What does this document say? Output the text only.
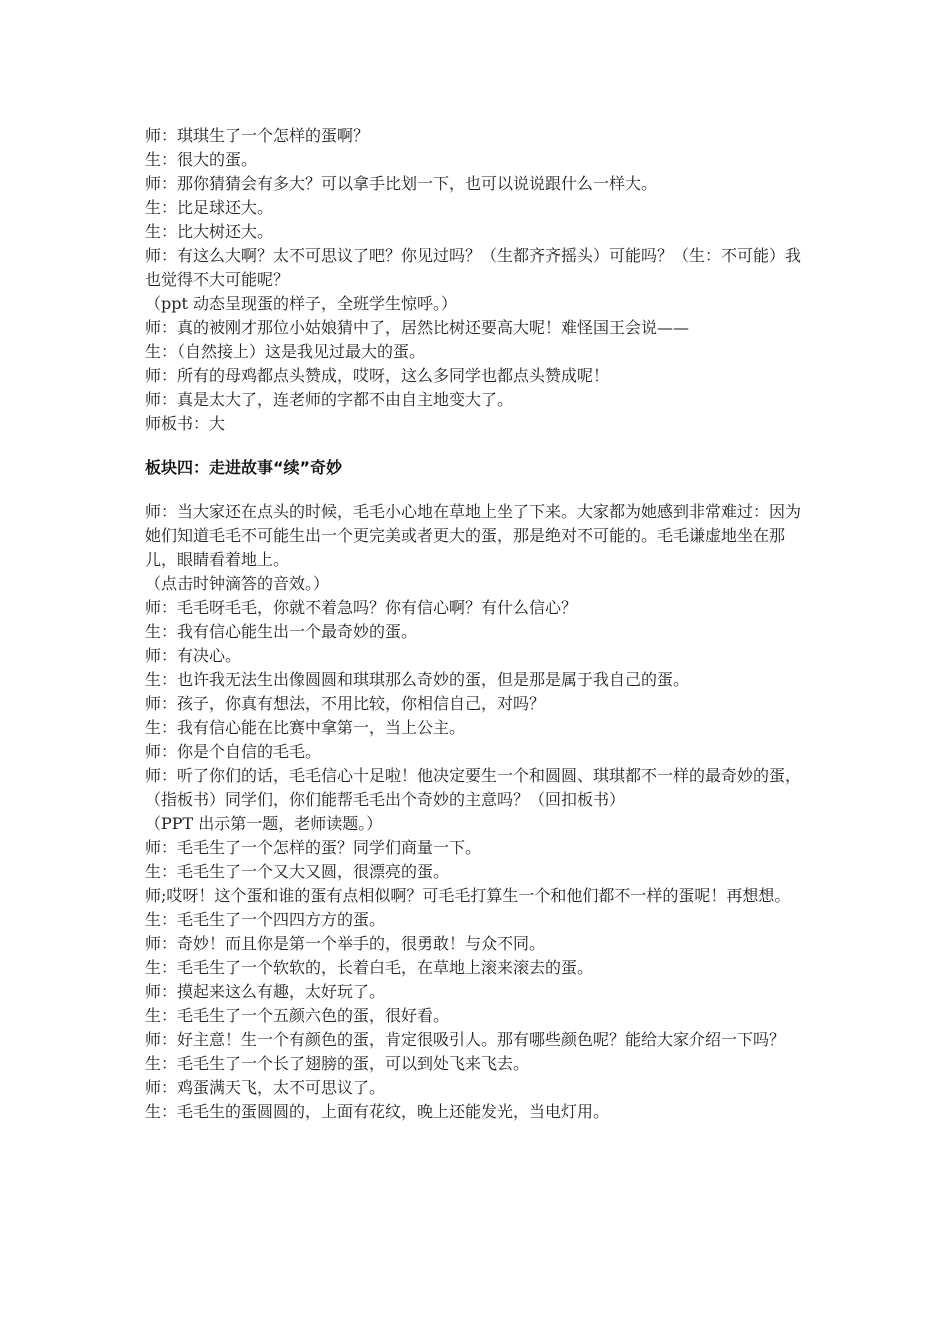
师：琪琪生了一个怎样的蛋啊？

生：很大的蛋。

师：那你猜猜会有多大？可以拿手比划一下，也可以说说跟什么一样大。

生：比足球还大。

生：比大树还大。

师：有这么大啊？太不可思议了吧？你见过吗？（生都齐齐摇头）可能吗？（生：不可能）我也觉得不大可能呢？

（ppt 动态呈现蛋的样子，全班学生惊呼。）

师：真的被刚才那位小姑娘猜中了，居然比树还要高大呢！难怪国王会说——

生：（自然接上）这是我见过最大的蛋。

师：所有的母鸡都点头赞成，哎呀，这么多同学也都点头赞成呢！

师：真是太大了，连老师的字都不由自主地变大了。

师板书：大

板块四：走进故事“续”奇妙

师：当大家还在点头的时候，毛毛小心地在草地上坐了下来。大家都为她感到非常难过：因为她们知道毛毛不可能生出一个更完美或者更大的蛋，那是绝对不可能的。毛毛谦虚地坐在那儿，眼睛看着地上。

（点击时钟滴答的音效。）

师：毛毛呀毛毛，你就不着急吗？你有信心啊？有什么信心？

生：我有信心能生出一个最奇妙的蛋。

师：有决心。

生：也许我无法生出像圆圆和琪琪那么奇妙的蛋，但是那是属于我自己的蛋。

师：孩子，你真有想法，不用比较，你相信自己，对吗？

生：我有信心能在比赛中拿第一，当上公主。

师：你是个自信的毛毛。

师：听了你们的话，毛毛信心十足啦！他决定要生一个和圆圆、琪琪都不一样的最奇妙的蛋，（指板书）同学们，你们能帮毛毛出个奇妙的主意吗？（回扣板书）

（PPT 出示第一题，老师读题。）

师：毛毛生了一个怎样的蛋？同学们商量一下。

生：毛毛生了一个又大又圆，很漂亮的蛋。

师;哎呀！这个蛋和谁的蛋有点相似啊？可毛毛打算生一个和他们都不一样的蛋呢！再想想。

生：毛毛生了一个四四方方的蛋。

师：奇妙！而且你是第一个举手的，很勇敢！与众不同。

生：毛毛生了一个软软的，长着白毛，在草地上滚来滚去的蛋。

师：摸起来这么有趣，太好玩了。

生：毛毛生了一个五颜六色的蛋，很好看。

师：好主意！生一个有颜色的蛋，肯定很吸引人。那有哪些颜色呢？能给大家介绍一下吗？

生：毛毛生了一个长了翅膀的蛋，可以到处飞来飞去。

师：鸡蛋满天飞，太不可思议了。

生：毛毛生的蛋圆圆的，上面有花纹，晚上还能发光，当电灯用。
